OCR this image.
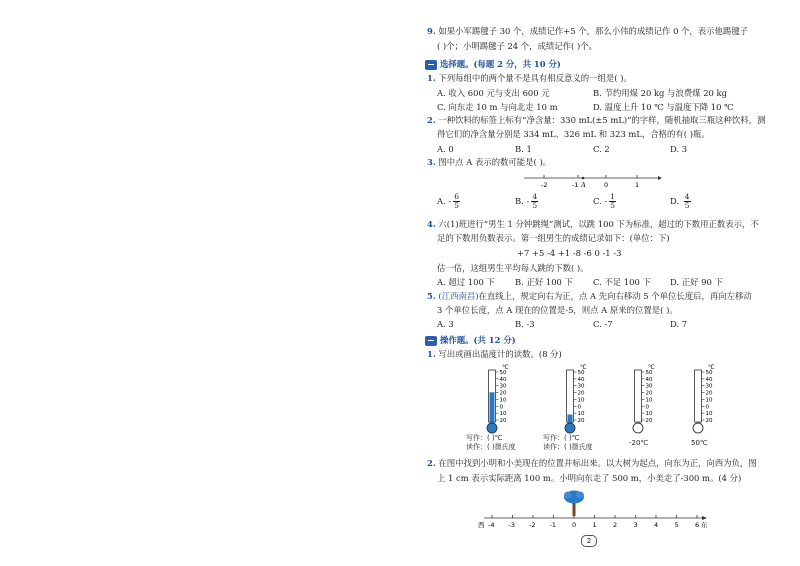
9. 如果小军踢毽子 30 个，成绩记作+5 个，那么小伟的成绩记作 0 个，表示他踢毽子
( )个；小明踢毽子 24 个，成绩记作( )个。
选择题。(每题 2 分，共 10 分)
1. 下列每组中的两个量不是具有相反意义的一组是( )。
A. 收入 600 元与支出 600 元	B. 节约用煤 20 kg 与浪费煤 20 kg
C. 向东走 10 m 与向北走 10 m	D. 温度上升 10 ℃ 与温度下降 10 ℃
2. 一种饮料的标签上标有“净含量：330 mL(±5 mL)”的字样，随机抽取三瓶这种饮料，测
得它们的净含量分别是 334 mL、326 mL 和 323 mL，合格的有( )瓶。
A. 0	B. 1	C. 2	D. 3
3. 图中点 A 表示的数可能是( )。
-2	-1 A	0	1
A. - $\frac{6}{5}$	B. - $\frac{4}{5}$	C. - $\frac{1}{5}$	D. $\frac{4}{5}$
4. 六(1)班进行“男生 1 分钟跳绳”测试，以跳 100 下为标准，超过的下数用正数表示，不
足的下数用负数表示。第一组男生的成绩记录如下：(单位：下)
+7 +5 -4 +1 -8 -6 0 -1 -3
估一估，这组男生平均每人跳的下数( )。
A. 超过 100 下 B. 正好 100 下 C. 不足 100 下 D. 正好 90 下
5. (江西南昌)在直线上，规定向右为正，点 A 先向右移动 5 个单位长度后，再向左移动
3 个单位长度，点 A 现在的位置是-5，则点 A 原来的位置是( )。
A. 3	B. -3	C. -7	D. 7
操作题。(共 12 分)
1. 写出或画出温度计的读数。(8 分)
℃
50
40
30
20
10
0
10
20
℃
50
40
30
20
10
0
10
20
℃
50
40
30
20
10
0
10
20
℃
50
40
30
20
10
0
10
20
写作：( )℃
读作：( )摄氏度
写作：( )℃
读作：( )摄氏度	-20℃	50℃
2. 在图中找到小明和小美现在的位置并标出来。以大树为起点，向东为正，向西为负，图
上 1 cm 表示实际距离 100 m。小明向东走了 500 m，小美走了-300 m。(4 分)
-4 -3 -2 -1 0	1	2	3	4	5	6
西	东
2
